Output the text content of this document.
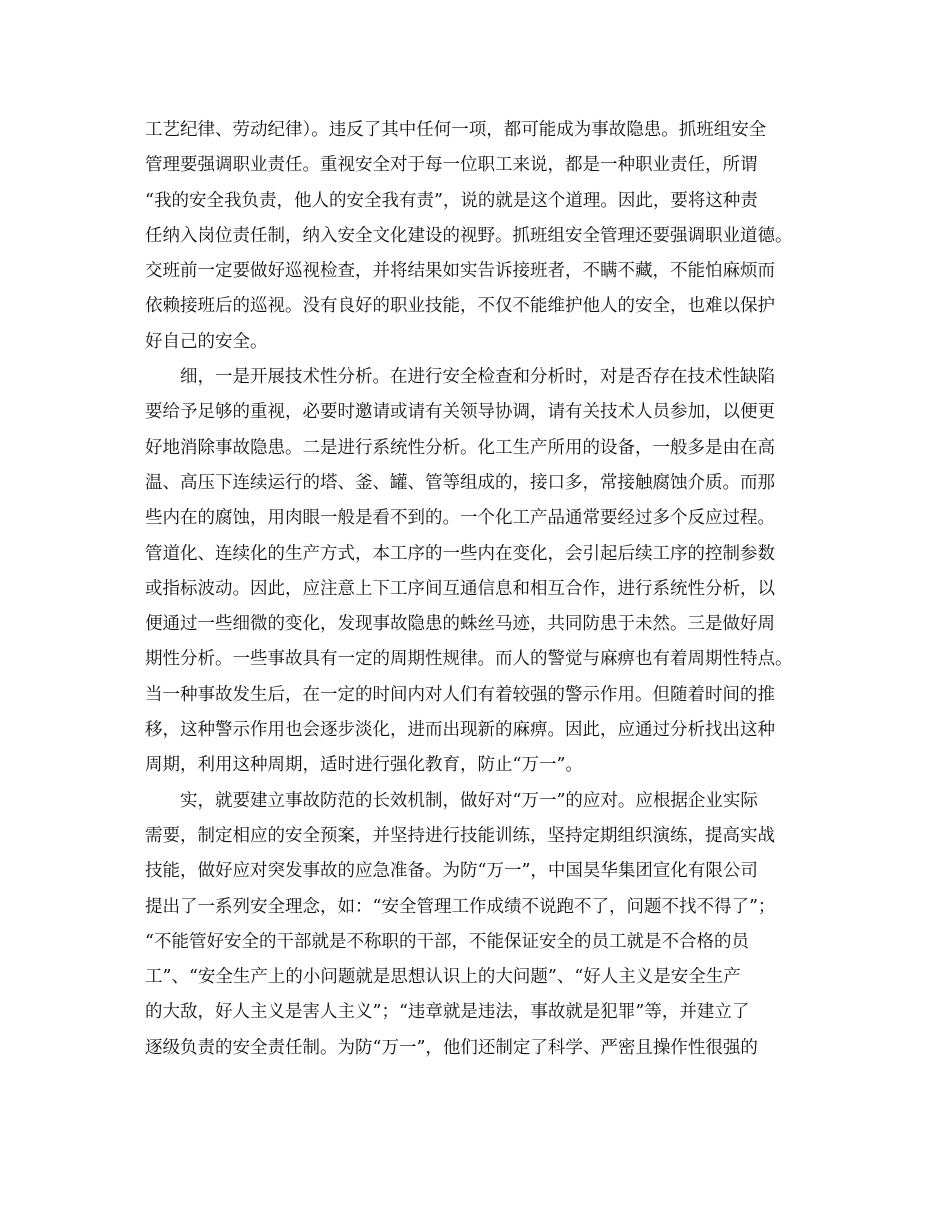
工艺纪律、劳动纪律）。违反了其中任何一项，都可能成为事故隐患。抓班组安全
管理要强调职业责任。重视安全对于每一位职工来说，都是一种职业责任，所谓
“我的安全我负责，他人的安全我有责”，说的就是这个道理。因此，要将这种责
任纳入岗位责任制，纳入安全文化建设的视野。抓班组安全管理还要强调职业道德。
交班前一定要做好巡视检查，并将结果如实告诉接班者，不瞒不藏，不能怕麻烦而
依赖接班后的巡视。没有良好的职业技能，不仅不能维护他人的安全，也难以保护
好自己的安全。
细，一是开展技术性分析。在进行安全检查和分析时，对是否存在技术性缺陷
要给予足够的重视，必要时邀请或请有关领导协调，请有关技术人员参加，以便更
好地消除事故隐患。二是进行系统性分析。化工生产所用的设备，一般多是由在高
温、高压下连续运行的塔、釜、罐、管等组成的，接口多，常接触腐蚀介质。而那
些内在的腐蚀，用肉眼一般是看不到的。一个化工产品通常要经过多个反应过程。
管道化、连续化的生产方式，本工序的一些内在变化，会引起后续工序的控制参数
或指标波动。因此，应注意上下工序间互通信息和相互合作，进行系统性分析，以
便通过一些细微的变化，发现事故隐患的蛛丝马迹，共同防患于未然。三是做好周
期性分析。一些事故具有一定的周期性规律。而人的警觉与麻痹也有着周期性特点。
当一种事故发生后，在一定的时间内对人们有着较强的警示作用。但随着时间的推
移，这种警示作用也会逐步淡化，进而出现新的麻痹。因此，应通过分析找出这种
周期，利用这种周期，适时进行强化教育，防止“万一”。
实，就要建立事故防范的长效机制，做好对“万一”的应对。应根据企业实际
需要，制定相应的安全预案，并坚持进行技能训练，坚持定期组织演练，提高实战
技能，做好应对突发事故的应急准备。为防“万一”，中国昊华集团宣化有限公司
提出了一系列安全理念，如：“安全管理工作成绩不说跑不了，问题不找不得了”；
“不能管好安全的干部就是不称职的干部，不能保证安全的员工就是不合格的员
工”、“安全生产上的小问题就是思想认识上的大问题”、“好人主义是安全生产
的大敌，好人主义是害人主义”；“违章就是违法，事故就是犯罪”等，并建立了
逐级负责的安全责任制。为防“万一”，他们还制定了科学、严密且操作性很强的
